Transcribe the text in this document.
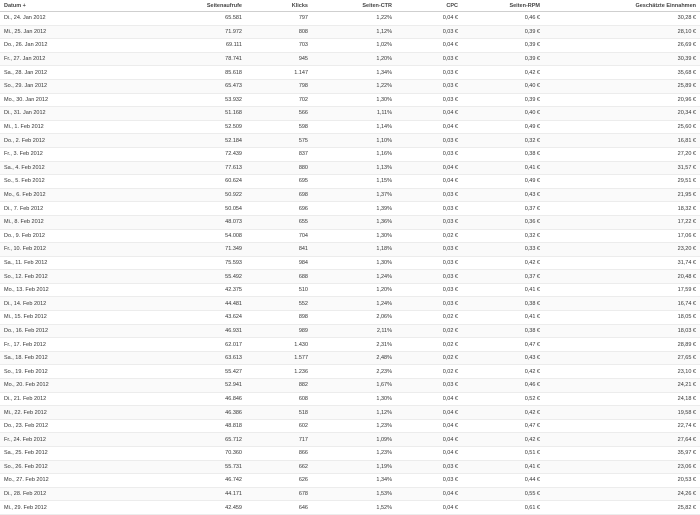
Datum +	Seitenaufrufe	Klicks	Seiten-CTR	CPC	Seiten-RPM	Geschätzte Einnahmen
Di., 24. Jan 2012	65.581	797	1,22%	0,04 €	0,46 €	30,28 €
Mi., 25. Jan 2012	71.972	808	1,12%	0,03 €	0,39 €	28,10 €
Do., 26. Jan 2012	69.111	703	1,02%	0,04 €	0,39 €	26,69 €
Fr., 27. Jan 2012	78.741	945	1,20%	0,03 €	0,39 €	30,39 €
Sa., 28. Jan 2012	85.618	1.147	1,34%	0,03 €	0,42 €	35,68 €
So., 29. Jan 2012	65.473	798	1,22%	0,03 €	0,40 €	25,89 €
Mo., 30. Jan 2012	53.932	702	1,30%	0,03 €	0,39 €	20,96 €
Di., 31. Jan 2012	51.168	566	1,11%	0,04 €	0,40 €	20,34 €
Mi., 1. Feb 2012	52.509	598	1,14%	0,04 €	0,49 €	25,60 €
Do., 2. Feb 2012	52.184	575	1,10%	0,03 €	0,32 €	16,81 €
Fr., 3. Feb 2012	72.439	837	1,16%	0,03 €	0,38 €	27,20 €
Sa., 4. Feb 2012	77.613	880	1,13%	0,04 €	0,41 €	31,57 €
So., 5. Feb 2012	60.624	695	1,15%	0,04 €	0,49 €	29,51 €
Mo., 6. Feb 2012	50.922	698	1,37%	0,03 €	0,43 €	21,95 €
Di., 7. Feb 2012	50.054	696	1,39%	0,03 €	0,37 €	18,32 €
Mi., 8. Feb 2012	48.073	655	1,36%	0,03 €	0,36 €	17,22 €
Do., 9. Feb 2012	54.008	704	1,30%	0,02 €	0,32 €	17,06 €
Fr., 10. Feb 2012	71.349	841	1,18%	0,03 €	0,33 €	23,20 €
Sa., 11. Feb 2012	75.593	984	1,30%	0,03 €	0,42 €	31,74 €
So., 12. Feb 2012	55.492	688	1,24%	0,03 €	0,37 €	20,48 €
Mo., 13. Feb 2012	42.375	510	1,20%	0,03 €	0,41 €	17,59 €
Di., 14. Feb 2012	44.481	552	1,24%	0,03 €	0,38 €	16,74 €
Mi., 15. Feb 2012	43.624	898	2,06%	0,02 €	0,41 €	18,05 €
Do., 16. Feb 2012	46.931	989	2,11%	0,02 €	0,38 €	18,03 €
Fr., 17. Feb 2012	62.017	1.430	2,31%	0,02 €	0,47 €	28,89 €
Sa., 18. Feb 2012	63.613	1.577	2,48%	0,02 €	0,43 €	27,65 €
So., 19. Feb 2012	55.427	1.236	2,23%	0,02 €	0,42 €	23,10 €
Mo., 20. Feb 2012	52.941	882	1,67%	0,03 €	0,46 €	24,21 €
Di., 21. Feb 2012	46.846	608	1,30%	0,04 €	0,52 €	24,18 €
Mi., 22. Feb 2012	46.386	518	1,12%	0,04 €	0,42 €	19,58 €
Do., 23. Feb 2012	48.818	602	1,23%	0,04 €	0,47 €	22,74 €
Fr., 24. Feb 2012	65.712	717	1,09%	0,04 €	0,42 €	27,64 €
Sa., 25. Feb 2012	70.360	866	1,23%	0,04 €	0,51 €	35,97 €
So., 26. Feb 2012	55.731	662	1,19%	0,03 €	0,41 €	23,06 €
Mo., 27. Feb 2012	46.742	626	1,34%	0,03 €	0,44 €	20,53 €
Di., 28. Feb 2012	44.171	678	1,53%	0,04 €	0,55 €	24,26 €
Mi., 29. Feb 2012	42.459	646	1,52%	0,04 €	0,61 €	25,82 €
